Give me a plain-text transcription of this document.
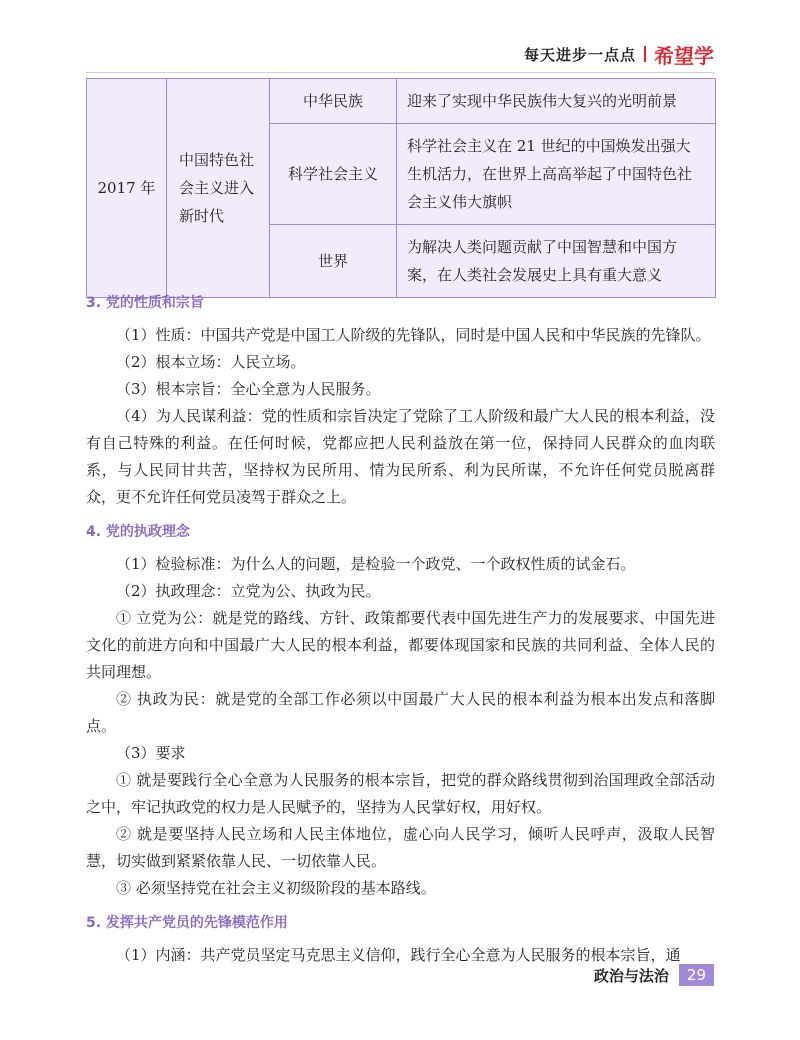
每天进步一点点 希望学
2017 年	中国特色社会主义进入新时代	中华民族	迎来了实现中华民族伟大复兴的光明前景
		科学社会主义	科学社会主义在 21 世纪的中国焕发出强大生机活力，在世界上高高举起了中国特色社会主义伟大旗帜
		世界	为解决人类问题贡献了中国智慧和中国方案，在人类社会发展史上具有重大意义
3. 党的性质和宗旨

（1）性质：中国共产党是中国工人阶级的先锋队，同时是中国人民和中华民族的先锋队。

（2）根本立场：人民立场。

（3）根本宗旨：全心全意为人民服务。

（4）为人民谋利益：党的性质和宗旨决定了党除了工人阶级和最广大人民的根本利益，没有自己特殊的利益。在任何时候，党都应把人民利益放在第一位，保持同人民群众的血肉联系，与人民同甘共苦，坚持权为民所用、情为民所系、利为民所谋，不允许任何党员脱离群众，更不允许任何党员凌驾于群众之上。

4. 党的执政理念

（1）检验标准：为什么人的问题，是检验一个政党、一个政权性质的试金石。

（2）执政理念：立党为公、执政为民。

① 立党为公：就是党的路线、方针、政策都要代表中国先进生产力的发展要求、中国先进文化的前进方向和中国最广大人民的根本利益，都要体现国家和民族的共同利益、全体人民的共同理想。

② 执政为民：就是党的全部工作必须以中国最广大人民的根本利益为根本出发点和落脚点。

（3）要求

① 就是要践行全心全意为人民服务的根本宗旨，把党的群众路线贯彻到治国理政全部活动之中，牢记执政党的权力是人民赋予的，坚持为人民掌好权，用好权。

② 就是要坚持人民立场和人民主体地位，虚心向人民学习，倾听人民呼声，汲取人民智慧，切实做到紧紧依靠人民、一切依靠人民。

③ 必须坚持党在社会主义初级阶段的基本路线。

5. 发挥共产党员的先锋模范作用

（1）内涵：共产党员坚定马克思主义信仰，践行全心全意为人民服务的根本宗旨，通

政治与法治	29
